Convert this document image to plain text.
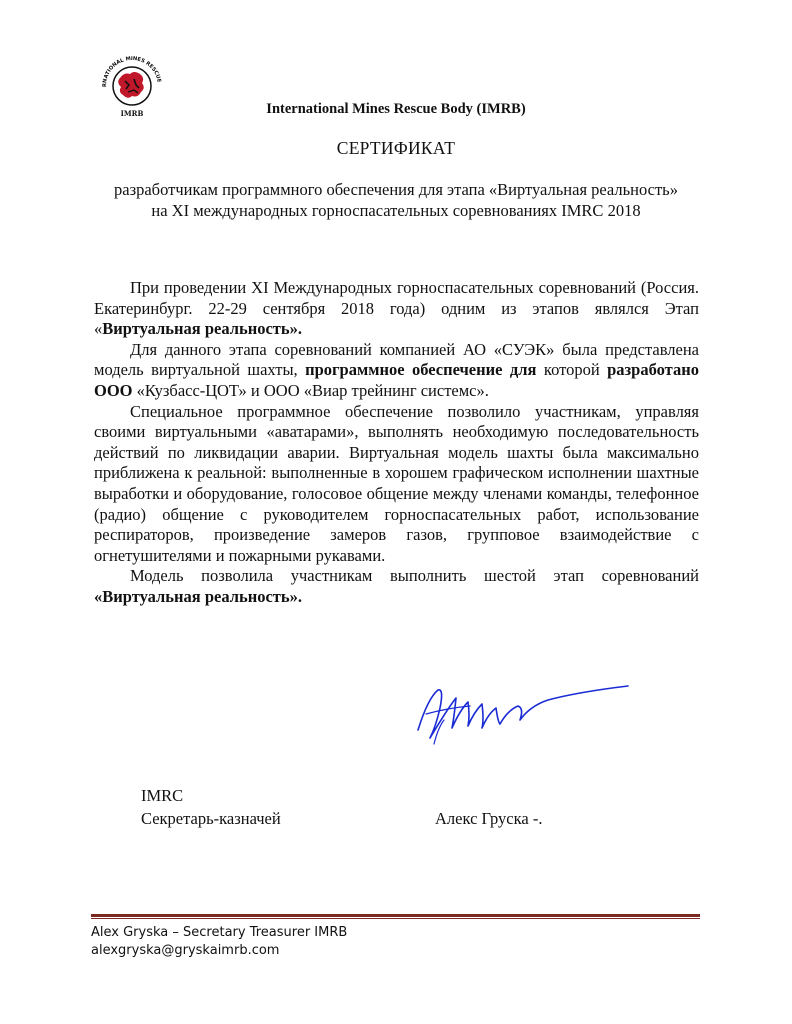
RNATIONAL MINES RESCUE
IMRB	International Mines Rescue Body (IMRB)
СЕРТИФИКАТ
разработчикам программного обеспечения для этапа «Виртуальная реальность» на XI международных горноспасательных соревнованиях IMRC 2018

При проведении XI Международных горноспасательных соревнований (Россия. Екатеринбург. 22-29 сентября 2018 года) одним из этапов являлся Этап «Виртуальная реальность».

Для данного этапа соревнований компанией АО «СУЭК» была представлена модель виртуальной шахты, программное обеспечение для которой разработано ООО «Кузбасс-ЦОТ» и ООО «Виар трейнинг системс».

Специальное программное обеспечение позволило участникам, управляя своими виртуальными «аватарами», выполнять необходимую последовательность действий по ликвидации аварии. Виртуальная модель шахты была максимально приближена к реальной: выполненные в хорошем графическом исполнении шахтные выработки и оборудование, голосовое общение между членами команды, телефонное (радио) общение с руководителем горноспасательных работ, использование респираторов, произведение замеров газов, групповое взаимодействие с огнетушителями и пожарными рукавами.

Модель позволила участникам выполнить шестой этап соревнований «Виртуальная реальность».

IMRC
Секретарь-казначей	Алекс Груска -.
Alex Gryska – Secretary Treasurer IMRB
alexgryska@gryskaimrb.com
